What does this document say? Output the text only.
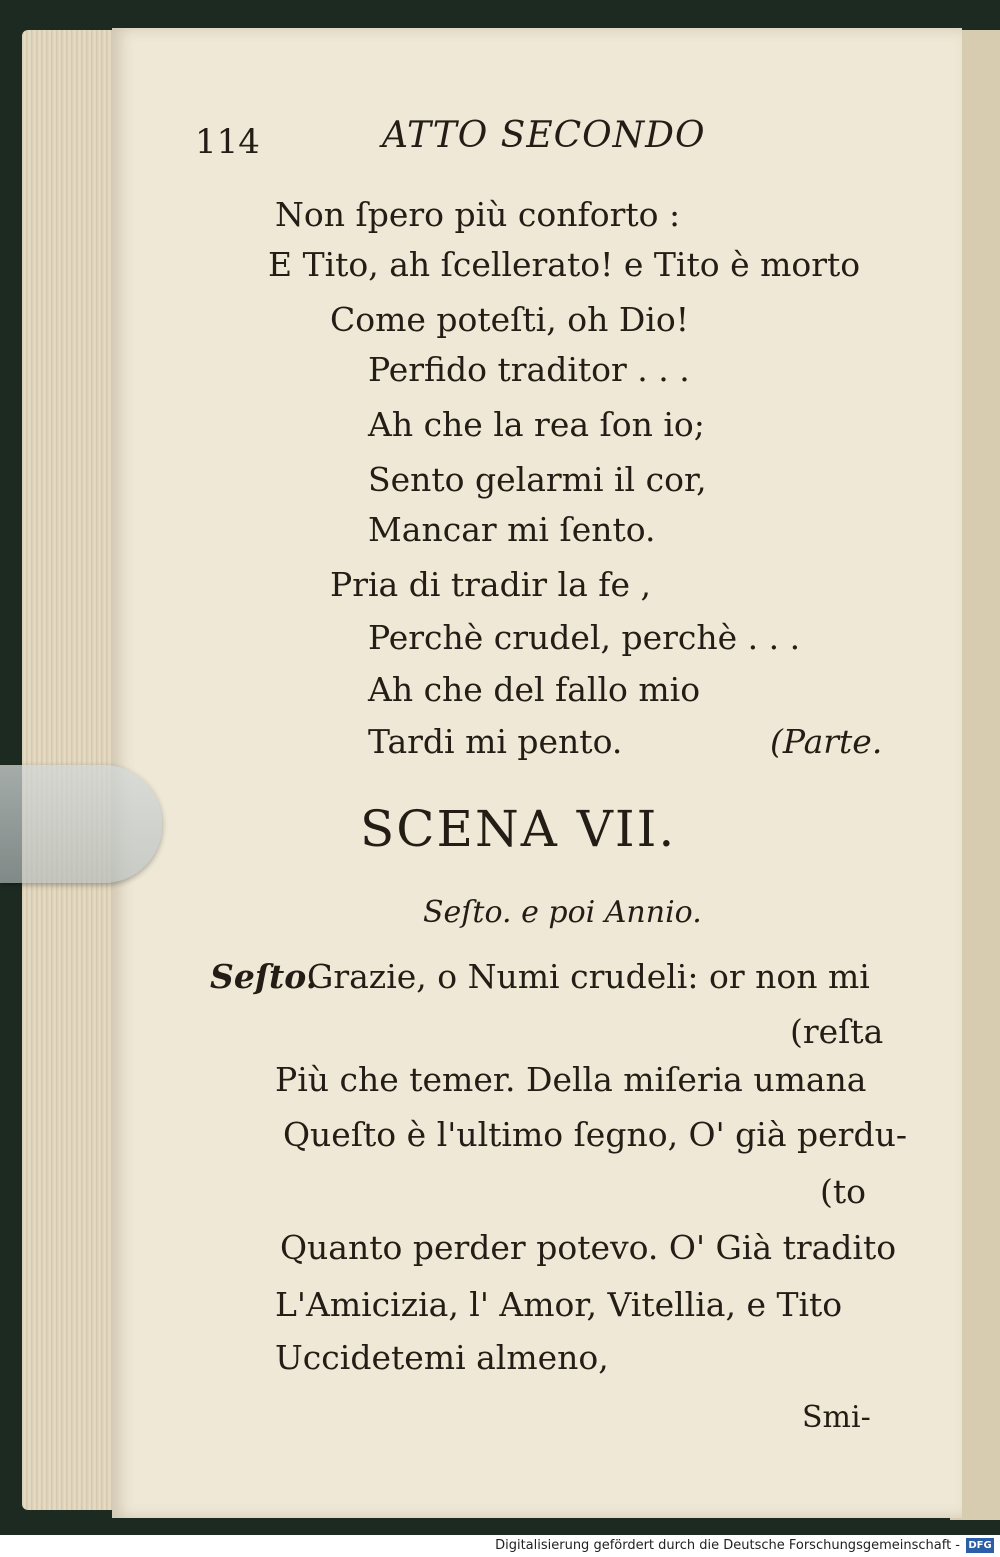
114	ATTO SECONDO
Non ſpero più conforto :
E Tito, ah ſcellerato! e Tito è morto
Come poteſti, oh Dio!
Perfido traditor . . .
Ah che la rea ſon io;
Sento gelarmi il cor,
Mancar mi ſento.
Pria di tradir la fe ,
Perchè crudel, perchè . . .
Ah che del fallo mio
Tardi mi pento.	(Parte.
SCENA VII.
Seſto. e poi Annio.
Seſto.
Grazie, o Numi crudeli: or non mi
(reſta
Più che temer. Della miſeria umana
Queſto è l'ultimo ſegno, O' già perdu-
(to
Quanto perder potevo. O' Già tradito
L'Amicizia, l' Amor, Vitellia, e Tito
Uccidetemi almeno,
Smi-
Digitalisierung gefördert durch die Deutsche Forschungsgemeinschaft - DFG
